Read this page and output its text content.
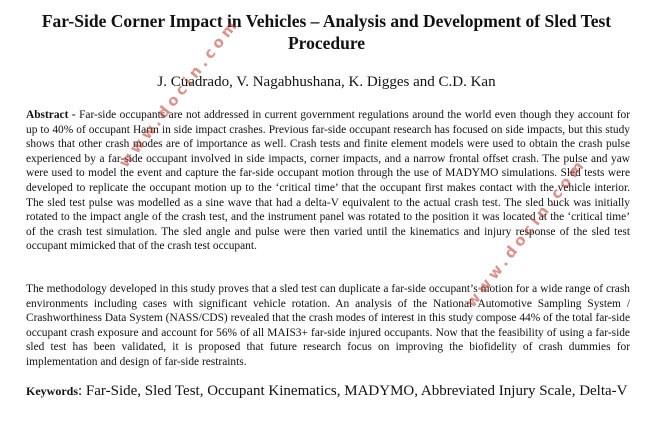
Far-Side Corner Impact in Vehicles – Analysis and Development of Sled Test Procedure

J. Cuadrado, V. Nagabhushana, K. Digges and C.D. Kan

Abstract - Far-side occupants are not addressed in current government regulations around the world even though they account for up to 40% of occupant Harm in side impact crashes. Previous far-side occupant research has focused on side impacts, but this study shows that other crash modes are of importance as well. Crash tests and finite element models were used to obtain the crash pulse experienced by a far-side occupant involved in side impacts, corner impacts, and a narrow frontal offset crash. The pulse and yaw were used to model the event and capture the far-side occupant motion through the use of MADYMO simulations. Sled tests were developed to replicate the occupant motion up to the ‘critical time’ that the occupant first makes contact with the vehicle interior. The sled test pulse was modelled as a sine wave that had a delta-V equivalent to the actual crash test. The sled buck was initially rotated to the impact angle of the crash test, and the instrument panel was rotated to the position it was located at the ‘critical time’ of the crash test simulation. The sled angle and pulse were then varied until the kinematics and injury response of the sled test occupant mimicked that of the crash test occupant.

The methodology developed in this study proves that a sled test can duplicate a far-side occupant’s motion for a wide range of crash environments including cases with significant vehicle rotation. An analysis of the National Automotive Sampling System / Crashworthiness Data System (NASS/CDS) revealed that the crash modes of interest in this study compose 44% of the total far-side occupant crash exposure and account for 56% of all MAIS3+ far-side injured occupants. Now that the feasibility of using a far-side sled test has been validated, it is proposed that future research focus on improving the biofidelity of crash dummies for implementation and design of far-side restraints.

Keywords: Far-Side, Sled Test, Occupant Kinematics, MADYMO, Abbreviated Injury Scale, Delta-V

www.docin.com
www.docin.com
